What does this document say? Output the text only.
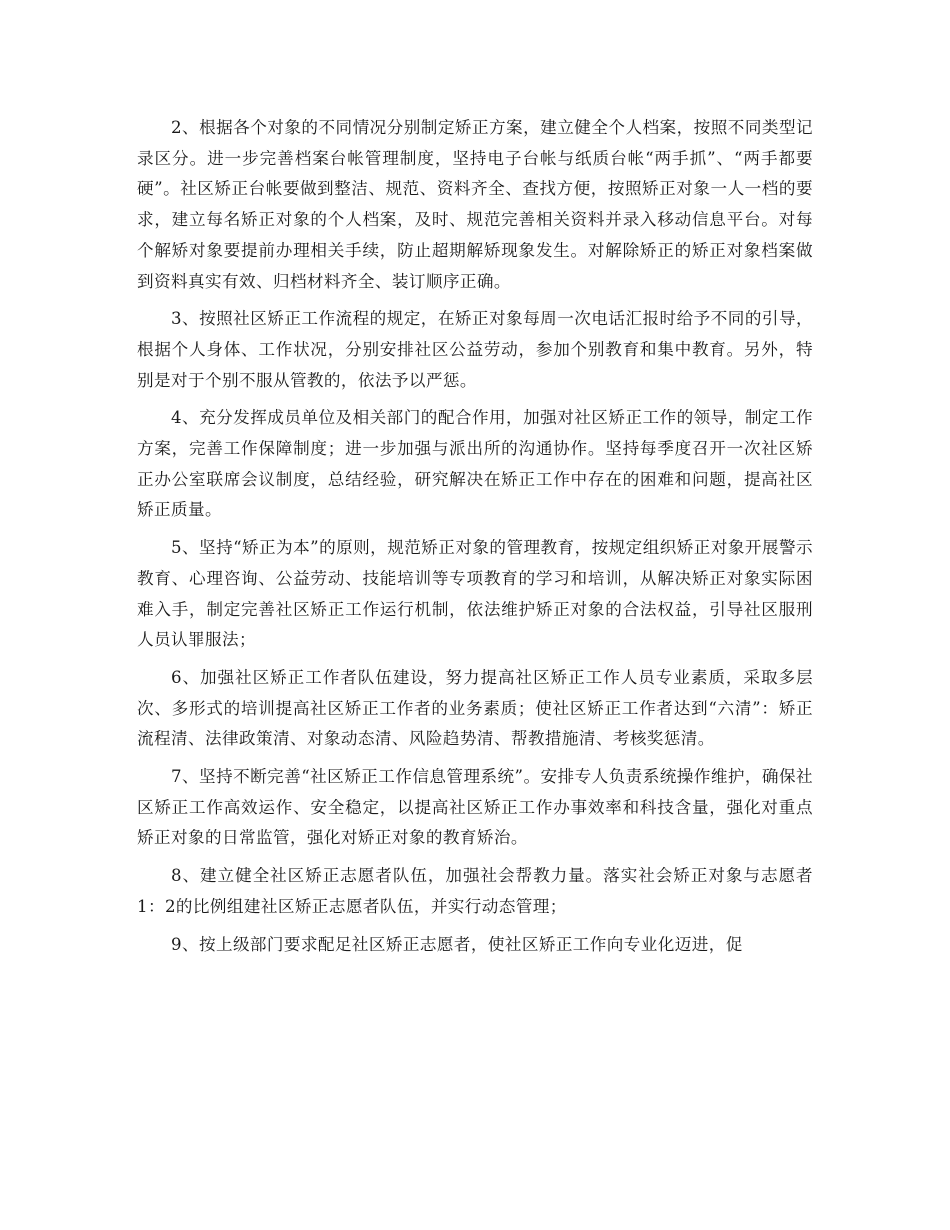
2、根据各个对象的不同情况分别制定矫正方案，建立健全个人档案，按照不同类型记录区分。进一步完善档案台帐管理制度，坚持电子台帐与纸质台帐“两手抓”、“两手都要硬”。社区矫正台帐要做到整洁、规范、资料齐全、查找方便，按照矫正对象一人一档的要求，建立每名矫正对象的个人档案，及时、规范完善相关资料并录入移动信息平台。对每个解矫对象要提前办理相关手续，防止超期解矫现象发生。对解除矫正的矫正对象档案做到资料真实有效、归档材料齐全、装订顺序正确。

3、按照社区矫正工作流程的规定，在矫正对象每周一次电话汇报时给予不同的引导，根据个人身体、工作状况，分别安排社区公益劳动，参加个别教育和集中教育。另外，特别是对于个别不服从管教的，依法予以严惩。

4、充分发挥成员单位及相关部门的配合作用，加强对社区矫正工作的领导，制定工作方案，完善工作保障制度；进一步加强与派出所的沟通协作。坚持每季度召开一次社区矫正办公室联席会议制度，总结经验，研究解决在矫正工作中存在的困难和问题，提高社区矫正质量。

5、坚持“矫正为本”的原则，规范矫正对象的管理教育，按规定组织矫正对象开展警示教育、心理咨询、公益劳动、技能培训等专项教育的学习和培训，从解决矫正对象实际困难入手，制定完善社区矫正工作运行机制，依法维护矫正对象的合法权益，引导社区服刑人员认罪服法；

6、加强社区矫正工作者队伍建设，努力提高社区矫正工作人员专业素质，采取多层次、多形式的培训提高社区矫正工作者的业务素质；使社区矫正工作者达到“六清”：矫正流程清、法律政策清、对象动态清、风险趋势清、帮教措施清、考核奖惩清。

7、坚持不断完善“社区矫正工作信息管理系统”。安排专人负责系统操作维护，确保社区矫正工作高效运作、安全稳定，以提高社区矫正工作办事效率和科技含量，强化对重点矫正对象的日常监管，强化对矫正对象的教育矫治。

8、建立健全社区矫正志愿者队伍，加强社会帮教力量。落实社会矫正对象与志愿者1：2的比例组建社区矫正志愿者队伍，并实行动态管理；

9、按上级部门要求配足社区矫正志愿者，使社区矫正工作向专业化迈进，促
